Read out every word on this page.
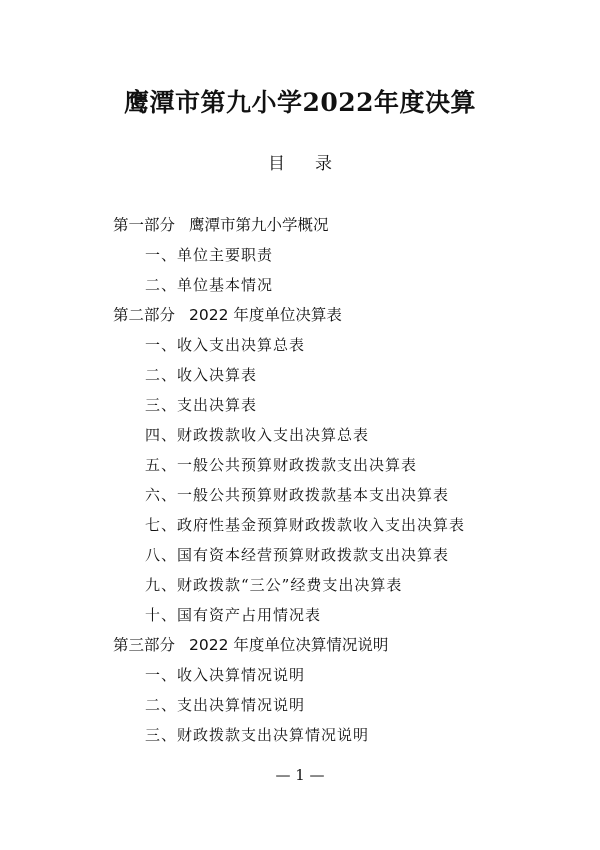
鹰潭市第九小学2022年度决算
目 录
第一部分 鹰潭市第九小学概况
一、单位主要职责
二、单位基本情况
第二部分 2022 年度单位决算表
一、收入支出决算总表
二、收入决算表
三、支出决算表
四、财政拨款收入支出决算总表
五、一般公共预算财政拨款支出决算表
六、一般公共预算财政拨款基本支出决算表
七、政府性基金预算财政拨款收入支出决算表
八、国有资本经营预算财政拨款支出决算表
九、财政拨款“三公”经费支出决算表
十、国有资产占用情况表
第三部分 2022 年度单位决算情况说明
一、收入决算情况说明
二、支出决算情况说明
三、财政拨款支出决算情况说明
— 1 —
